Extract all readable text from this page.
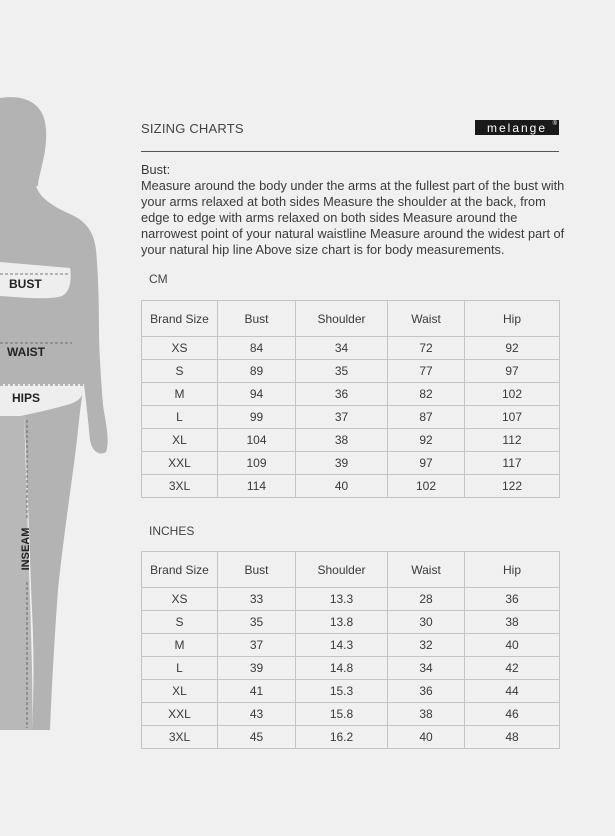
BUST
WAIST
HIPS
INSEAM
SIZING CHARTS	melange ®
Bust:
Measure around the body under the arms at the fullest part of the bust with your arms relaxed at both sides Measure the shoulder at the back, from edge to edge with arms relaxed on both sides Measure around the narrowest point of your natural waistline Measure around the widest part of your natural hip line Above size chart is for body measurements.
CM
Brand Size	Bust	Shoulder	Waist	Hip
XS	84	34	72	92
S	89	35	77	97
M	94	36	82	102
L	99	37	87	107
XL	104	38	92	112
XXL	109	39	97	117
3XL	114	40	102	122
INCHES
Brand Size	Bust	Shoulder	Waist	Hip
XS	33	13.3	28	36
S	35	13.8	30	38
M	37	14.3	32	40
L	39	14.8	34	42
XL	41	15.3	36	44
XXL	43	15.8	38	46
3XL	45	16.2	40	48
